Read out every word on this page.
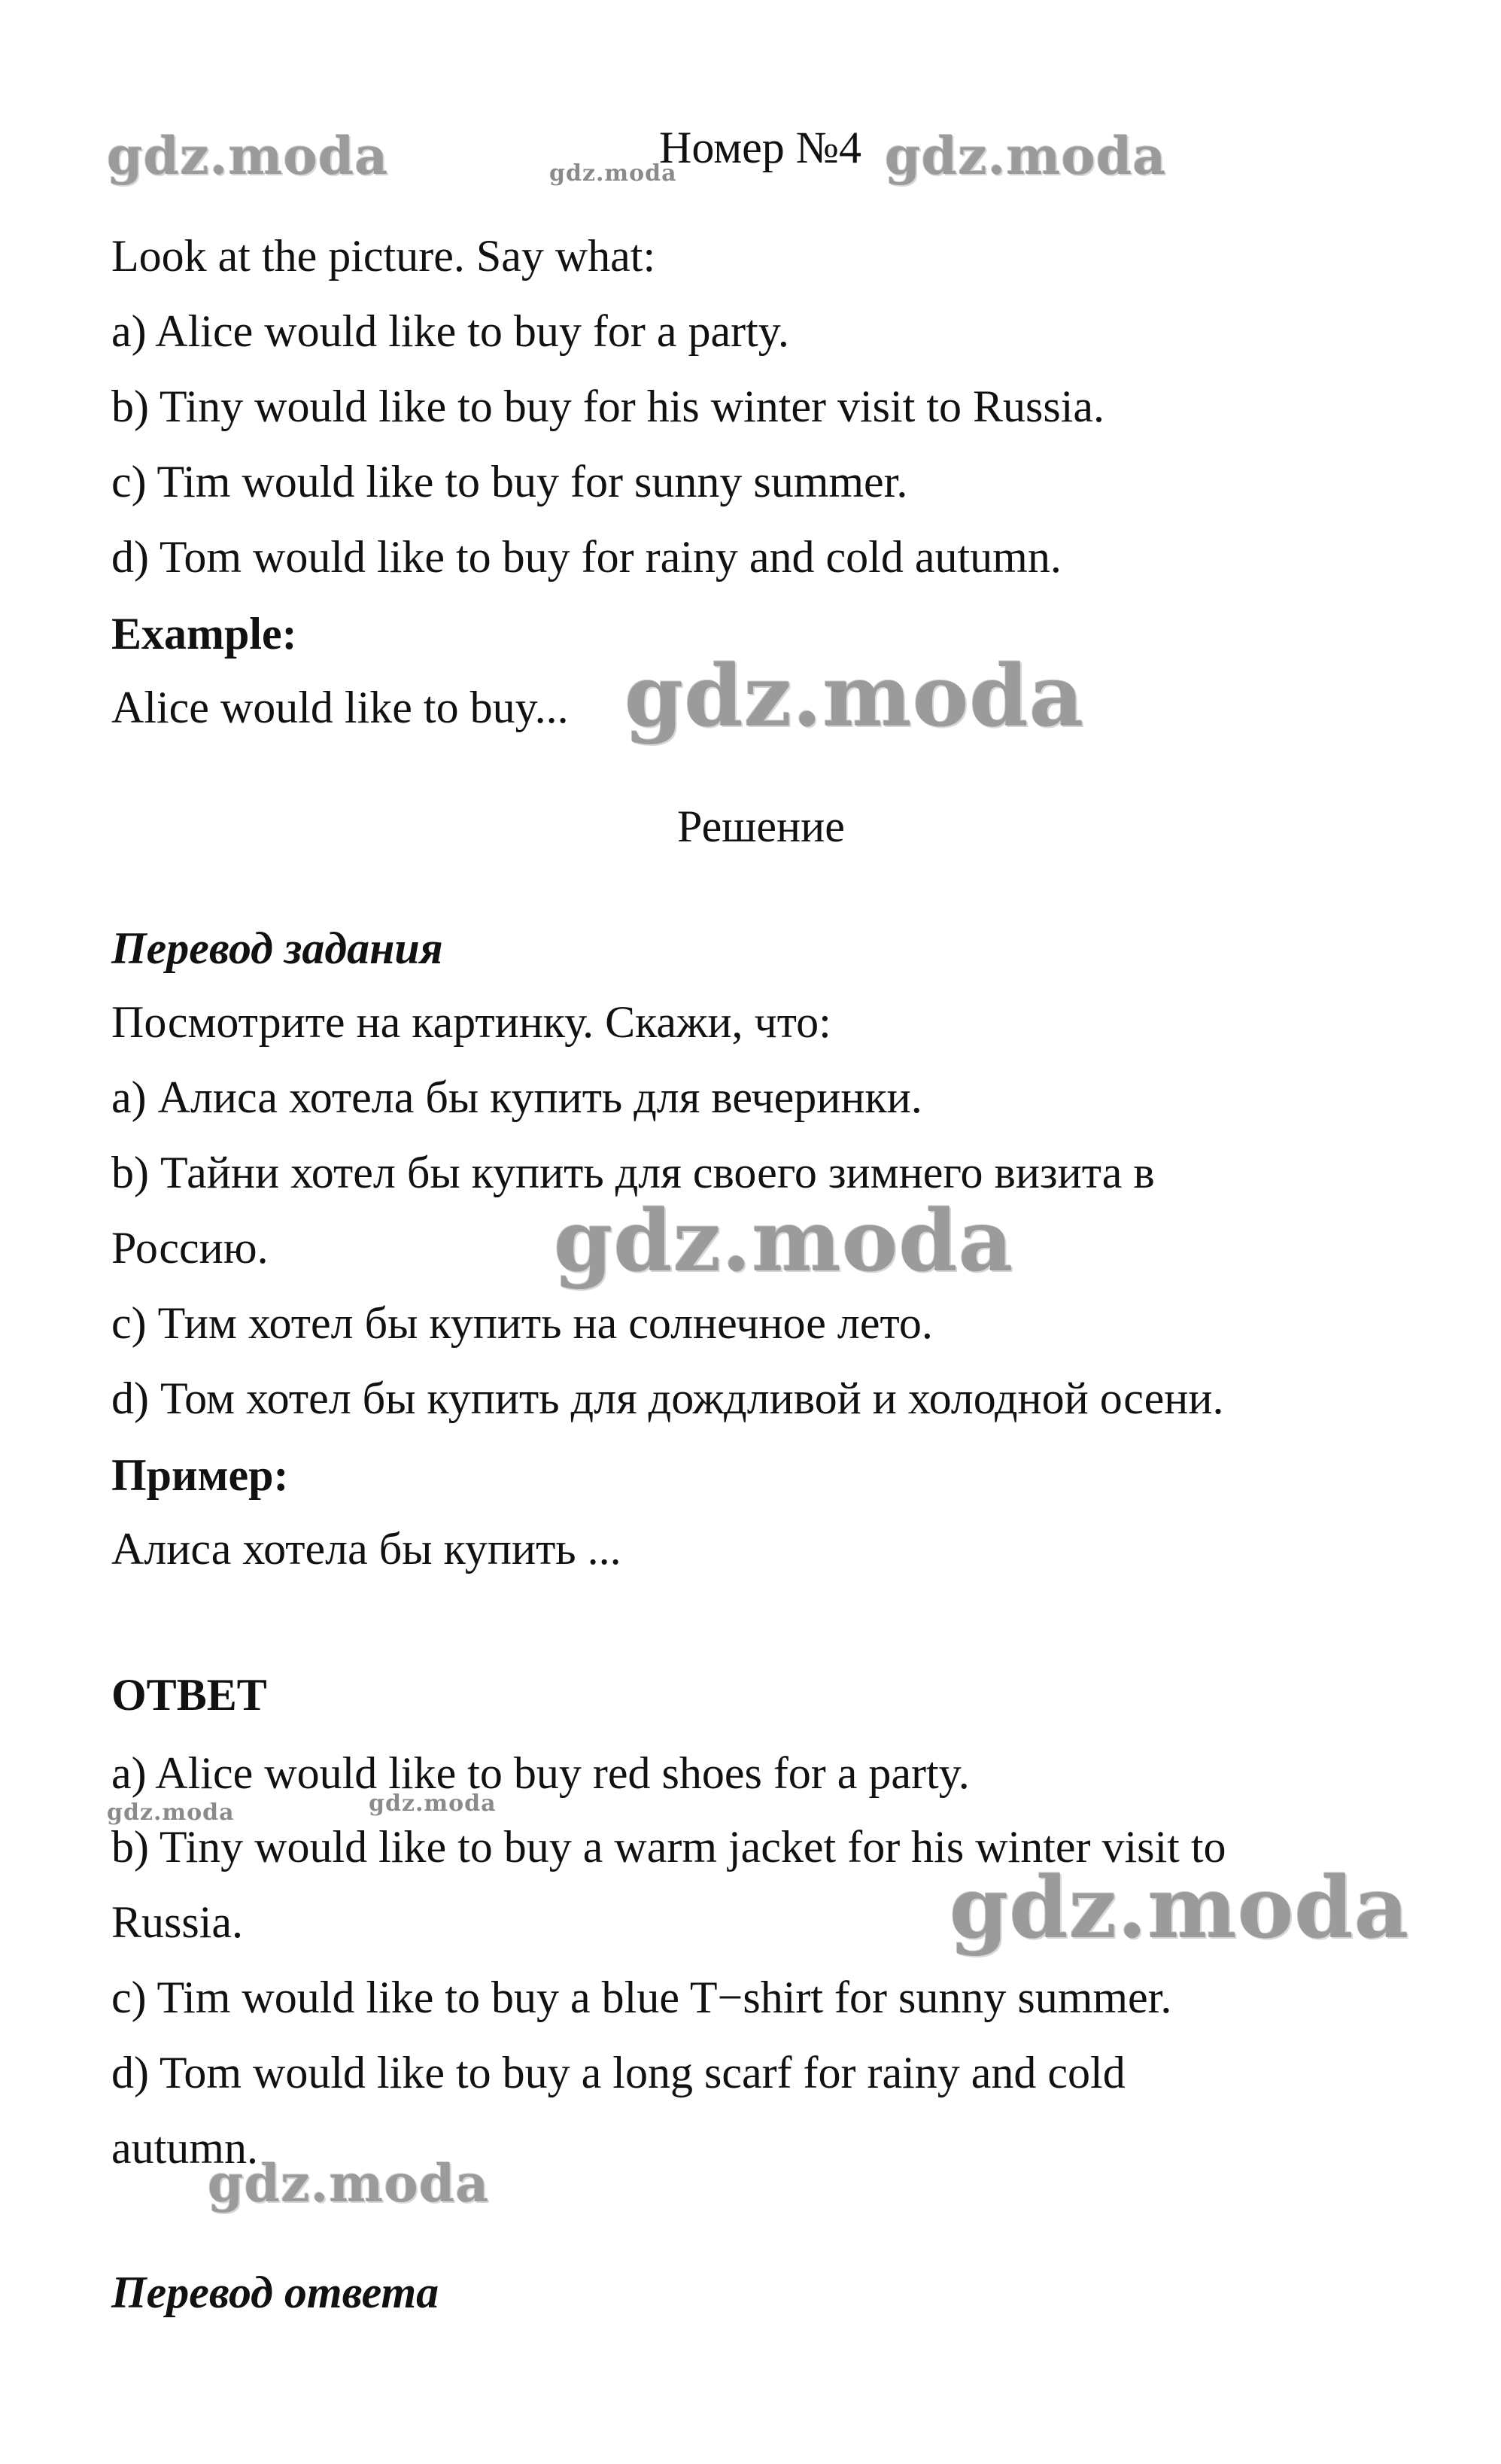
gdz.moda	gdz.moda
Номер №4 gdz.moda
Look at the picture. Say what:
a) Alice would like to buy for a party.
b) Tiny would like to buy for his winter visit to Russia.
c) Tim would like to buy for sunny summer.
d) Tom would like to buy for rainy and cold autumn.
Example:
Alice would like to buy... gdz.moda
Решение
Перевод задания
Посмотрите на картинку. Скажи, что:
a) Алиса хотела бы купить для вечеринки.
b) Тайни хотел бы купить для своего зимнего визита в
Россию.	gdz.moda
c) Тим хотел бы купить на солнечное лето.
d) Том хотел бы купить для дождливой и холодной осени.
Пример:
Алиса хотела бы купить ...
ОТВЕТ
a) Alice would like to buy red shoes for a party.
gdz.moda	gdz.moda
b) Tiny would like to buy a warm jacket for his winter visit to
Russia.	gdz.moda
c) Tim would like to buy a blue T−shirt for sunny summer.
d) Tom would like to buy a long scarf for rainy and cold
autumn.
gdz.moda
Перевод ответа
